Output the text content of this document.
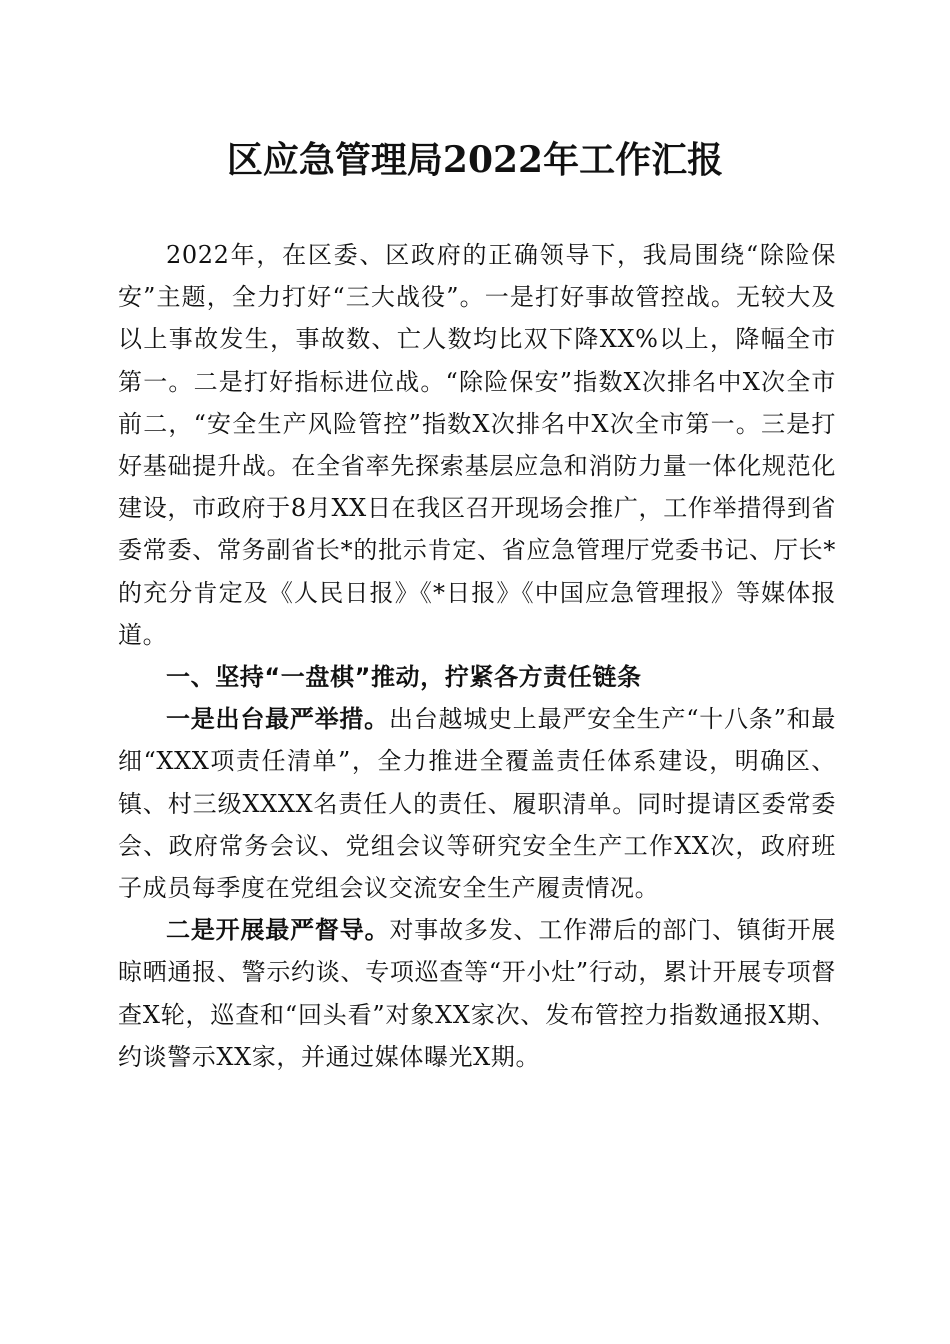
区应急管理局2022年工作汇报

2022年，在区委、区政府的正确领导下，我局围绕“除险保安”主题，全力打好“三大战役”。一是打好事故管控战。无较大及以上事故发生，事故数、亡人数均比双下降XX%以上，降幅全市第一。二是打好指标进位战。“除险保安”指数X次排名中X次全市前二，“安全生产风险管控”指数X次排名中X次全市第一。三是打好基础提升战。在全省率先探索基层应急和消防力量一体化规范化建设，市政府于8月XX日在我区召开现场会推广，工作举措得到省委常委、常务副省长*的批示肯定、省应急管理厅党委书记、厅长*的充分肯定及《人民日报》《*日报》《中国应急管理报》等媒体报道。

一、坚持“一盘棋”推动，拧紧各方责任链条

一是出台最严举措。出台越城史上最严安全生产“十八条”和最细“XXX项责任清单”，全力推进全覆盖责任体系建设，明确区、镇、村三级XXXX名责任人的责任、履职清单。同时提请区委常委会、政府常务会议、党组会议等研究安全生产工作XX次，政府班子成员每季度在党组会议交流安全生产履责情况。

二是开展最严督导。对事故多发、工作滞后的部门、镇街开展晾晒通报、警示约谈、专项巡查等“开小灶”行动，累计开展专项督查X轮，巡查和“回头看”对象XX家次、发布管控力指数通报X期、约谈警示XX家，并通过媒体曝光X期。
